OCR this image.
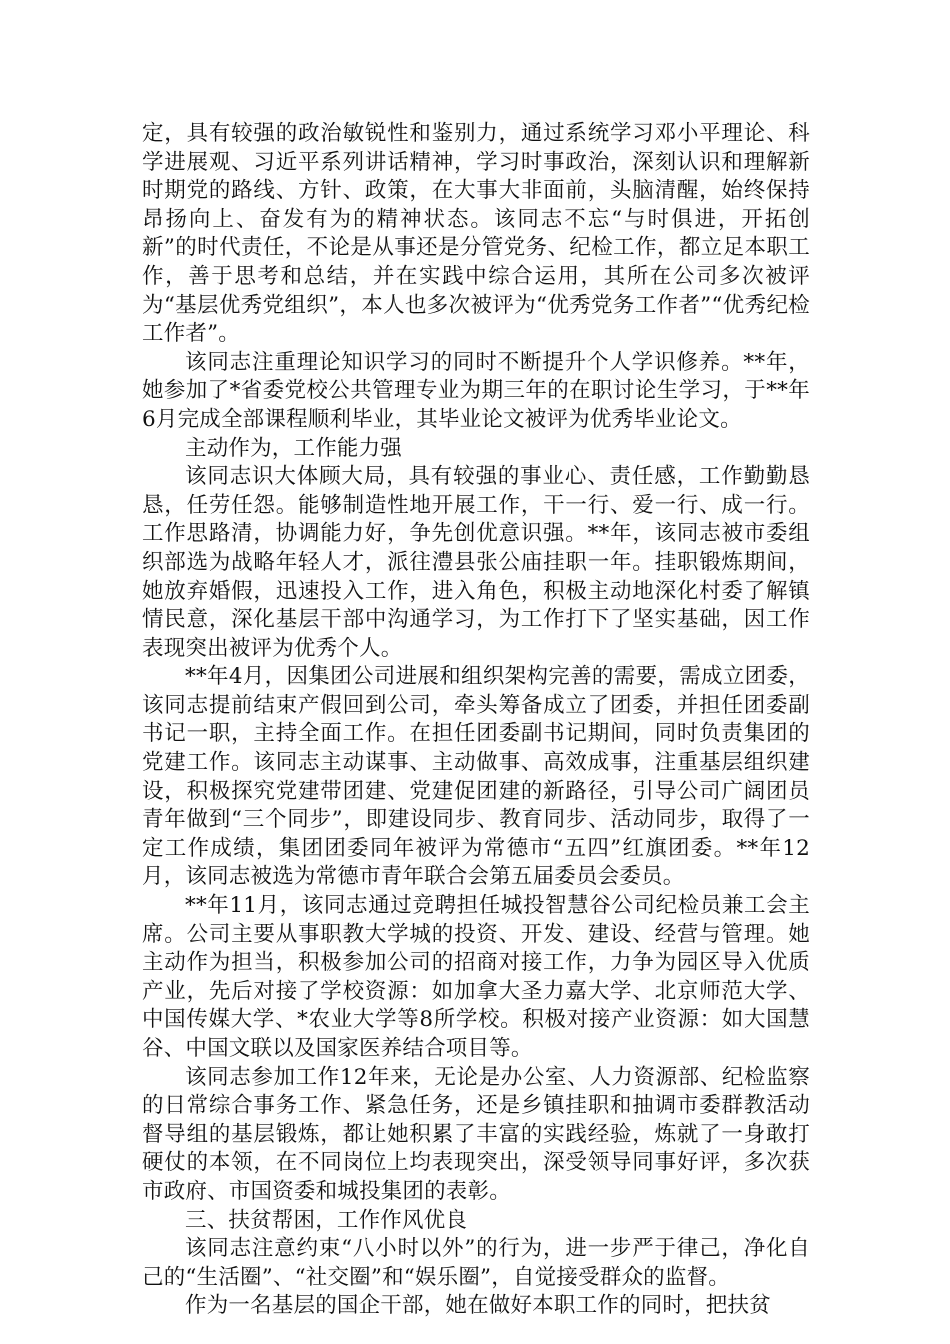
定，具有较强的政治敏锐性和鉴别力，通过系统学习邓小平理论、科学进展观、习近平系列讲话精神，学习时事政治，深刻认识和理解新时期党的路线、方针、政策，在大事大非面前，头脑清醒，始终保持昂扬向上、奋发有为的精神状态。该同志不忘“与时俱进，开拓创新”的时代责任，不论是从事还是分管党务、纪检工作，都立足本职工作，善于思考和总结，并在实践中综合运用，其所在公司多次被评为“基层优秀党组织”，本人也多次被评为“优秀党务工作者”“优秀纪检工作者”。

该同志注重理论知识学习的同时不断提升个人学识修养。**年，她参加了*省委党校公共管理专业为期三年的在职讨论生学习，于**年6月完成全部课程顺利毕业，其毕业论文被评为优秀毕业论文。

主动作为，工作能力强

该同志识大体顾大局，具有较强的事业心、责任感，工作勤勤恳恳，任劳任怨。能够制造性地开展工作，干一行、爱一行、成一行。工作思路清，协调能力好，争先创优意识强。**年，该同志被市委组织部选为战略年轻人才，派往澧县张公庙挂职一年。挂职锻炼期间，她放弃婚假，迅速投入工作，进入角色，积极主动地深化村委了解镇情民意，深化基层干部中沟通学习，为工作打下了坚实基础，因工作表现突出被评为优秀个人。

**年4月，因集团公司进展和组织架构完善的需要，需成立团委，该同志提前结束产假回到公司，牵头筹备成立了团委，并担任团委副书记一职，主持全面工作。在担任团委副书记期间，同时负责集团的党建工作。该同志主动谋事、主动做事、高效成事，注重基层组织建设，积极探究党建带团建、党建促团建的新路径，引导公司广阔团员青年做到“三个同步”，即建设同步、教育同步、活动同步，取得了一定工作成绩，集团团委同年被评为常德市“五四”红旗团委。**年12月，该同志被选为常德市青年联合会第五届委员会委员。

**年11月，该同志通过竞聘担任城投智慧谷公司纪检员兼工会主席。公司主要从事职教大学城的投资、开发、建设、经营与管理。她主动作为担当，积极参加公司的招商对接工作，力争为园区导入优质产业，先后对接了学校资源：如加拿大圣力嘉大学、北京师范大学、中国传媒大学、*农业大学等8所学校。积极对接产业资源：如大国慧谷、中国文联以及国家医养结合项目等。

该同志参加工作12年来，无论是办公室、人力资源部、纪检监察的日常综合事务工作、紧急任务，还是乡镇挂职和抽调市委群教活动督导组的基层锻炼，都让她积累了丰富的实践经验，炼就了一身敢打硬仗的本领，在不同岗位上均表现突出，深受领导同事好评，多次获市政府、市国资委和城投集团的表彰。

三、扶贫帮困，工作作风优良

该同志注意约束“八小时以外”的行为，进一步严于律己，净化自己的“生活圈”、“社交圈”和“娱乐圈”，自觉接受群众的监督。

作为一名基层的国企干部，她在做好本职工作的同时，把扶贫
